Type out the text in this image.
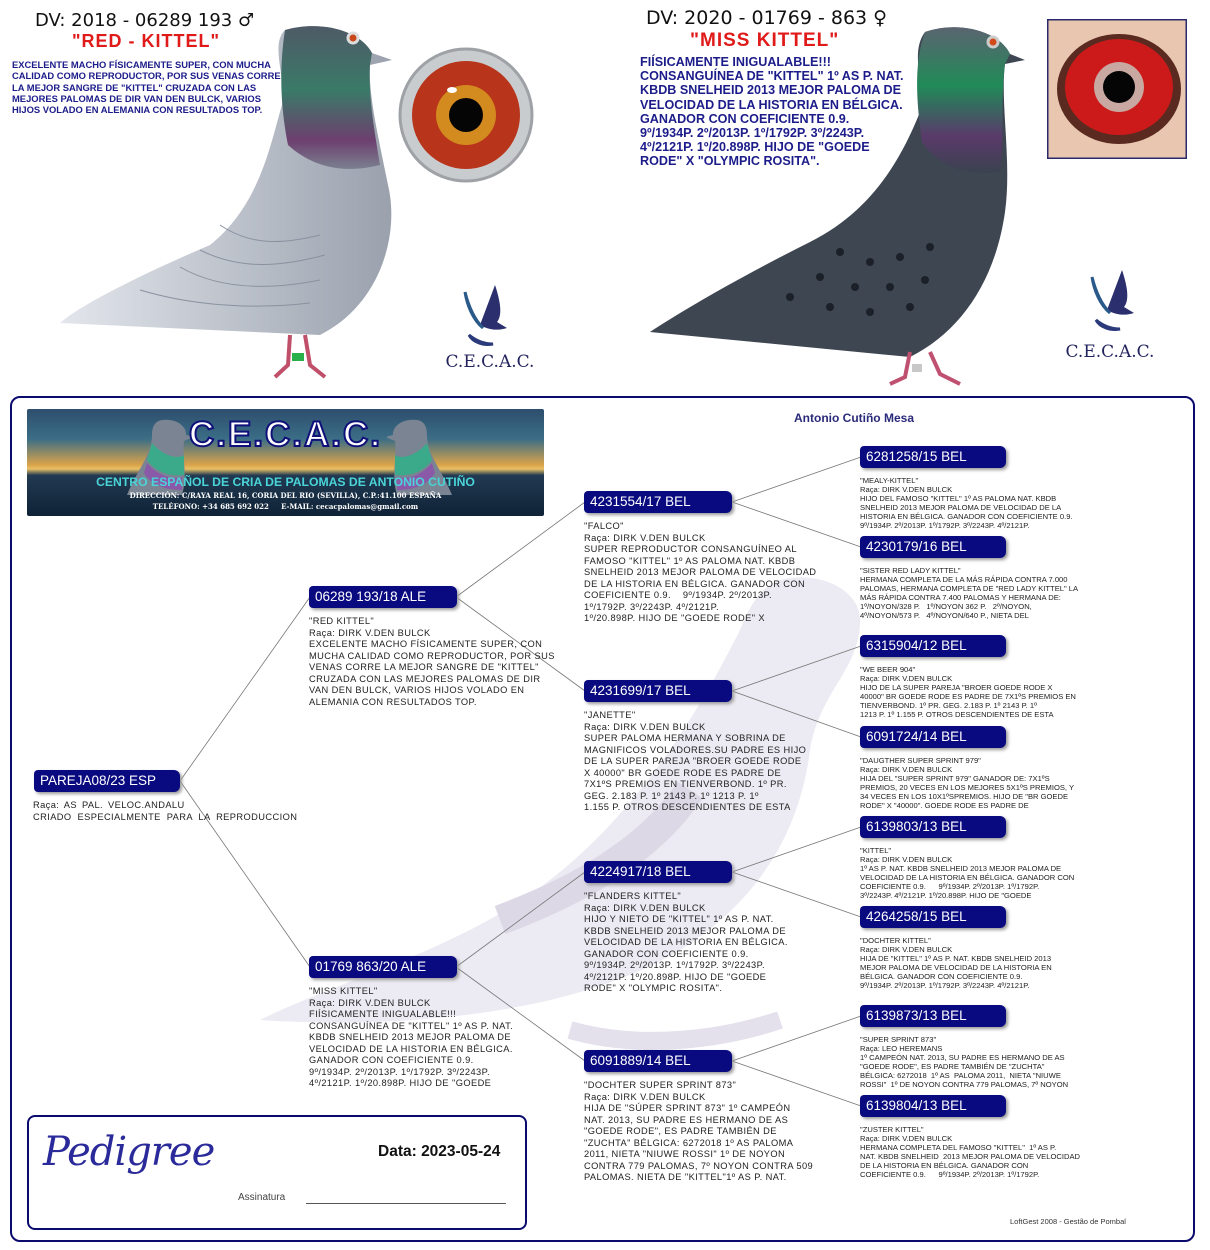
DV: 2018 - 06289 193 ♂
"RED - KITTEL"
EXCELENTE MACHO FÍSICAMENTE SUPER, CON MUCHA CALIDAD COMO REPRODUCTOR, POR SUS VENAS CORRE LA MEJOR SANGRE DE "KITTEL" CRUZADA CON LAS MEJORES PALOMAS DE DIR VAN DEN BULCK, VARIOS HIJOS VOLADO EN ALEMANIA CON RESULTADOS TOP.
C.E.C.A.C.
DV: 2020 - 01769 - 863 ♀
"MISS KITTEL"
FIÍSICAMENTE INIGUALABLE!!! CONSANGUÍNEA DE "KITTEL" 1º AS P. NAT. KBDB SNELHEID 2013 MEJOR PALOMA DE VELOCIDAD DE LA HISTORIA EN BÉLGICA. GANADOR CON COEFICIENTE 0.9. 9º/1934P. 2º/2013P. 1º/1792P. 3º/2243P. 4º/2121P. 1º/20.898P. HIJO DE "GOEDE RODE" X "OLYMPIC ROSITA".
C.E.C.A.C.
C.E.C.A.C.
CENTRO ESPAÑOL DE CRIA DE PALOMAS DE ANTONIO CUTIÑO
DIRECCIÓN: C/RAYA REAL 16, CORIA DEL RIO (SEVILLA), C.P.:41.100 ESPAÑA
TELÉFONO: +34 685 692 022     E-MAIL: cecacpalomas@gmail.com
Antonio Cutiño Mesa
PAREJA08/23 ESP
Raça: AS PAL. VELOC.ANDALU
CRIADO ESPECIALMENTE PARA LA REPRODUCCION
06289 193/18 ALE
"RED KITTEL"
Raça: DIRK V.DEN BULCK
EXCELENTE MACHO FÍSICAMENTE SUPER, CON
MUCHA CALIDAD COMO REPRODUCTOR, POR SUS
VENAS CORRE LA MEJOR SANGRE DE "KITTEL"
CRUZADA CON LAS MEJORES PALOMAS DE DIR
VAN DEN BULCK, VARIOS HIJOS VOLADO EN
ALEMANIA CON RESULTADOS TOP.
01769 863/20 ALE
"MISS KITTEL"
Raça: DIRK V.DEN BULCK
FIÍSICAMENTE INIGUALABLE!!!
CONSANGUÍNEA DE "KITTEL" 1º AS P. NAT.
KBDB SNELHEID 2013 MEJOR PALOMA DE
VELOCIDAD DE LA HISTORIA EN BÉLGICA.
GANADOR CON COEFICIENTE 0.9.
9º/1934P. 2º/2013P. 1º/1792P. 3º/2243P.
4º/2121P. 1º/20.898P. HIJO DE "GOEDE
4231554/17 BEL
"FALCO"
Raça: DIRK V.DEN BULCK
SUPER REPRODUCTOR CONSANGUÍNEO AL
FAMOSO "KITTEL" 1º AS PALOMA NAT. KBDB
SNELHEID 2013 MEJOR PALOMA DE VELOCIDAD
DE LA HISTORIA EN BÉLGICA. GANADOR CON
COEFICIENTE 0.9.    9º/1934P. 2º/2013P.
1º/1792P. 3º/2243P. 4º/2121P.
1º/20.898P. HIJO DE "GOEDE RODE" X
4231699/17 BEL
"JANETTE"
Raça: DIRK V.DEN BULCK
SUPER PALOMA HERMANA Y SOBRINA DE
MAGNIFICOS VOLADORES.SU PADRE ES HIJO
DE LA SUPER PAREJA "BROER GOEDE RODE
X 40000" BR GOEDE RODE ES PADRE DE
7X1ºS PREMIOS EN TIENVERBOND. 1º PR.
GEG. 2.183 P. 1º 2143 P. 1º 1213 P. 1º
1.155 P. OTROS DESCENDIENTES DE ESTA
4224917/18 BEL
"FLANDERS KITTEL"
Raça: DIRK V.DEN BULCK
HIJO Y NIETO DE "KITTEL" 1º AS P. NAT.
KBDB SNELHEID 2013 MEJOR PALOMA DE
VELOCIDAD DE LA HISTORIA EN BÉLGICA.
GANADOR CON COEFICIENTE 0.9.
9º/1934P. 2º/2013P. 1º/1792P. 3º/2243P.
4º/2121P. 1º/20.898P. HIJO DE "GOEDE
RODE" X "OLYMPIC ROSITA".
6091889/14 BEL
"DOCHTER SUPER SPRINT 873"
Raça: DIRK V.DEN BULCK
HIJA DE "SÚPER SPRINT 873" 1º CAMPEÓN
NAT. 2013, SU PADRE ES HERMANO DE AS
"GOEDE RODE", ES PADRE TAMBIÉN DE
"ZUCHTA" BÉLGICA: 6272018 1º AS PALOMA
2011, NIETA "NIUWE ROSSI" 1º DE NOYON
CONTRA 779 PALOMAS, 7º NOYON CONTRA 509
PALOMAS. NIETA DE "KITTEL"1º AS P. NAT.
6281258/15 BEL
"MEALY-KITTEL"
Raça: DIRK V.DEN BULCK
HIJO DEL FAMOSO "KITTEL" 1º AS PALOMA NAT. KBDB
SNELHEID 2013 MEJOR PALOMA DE VELOCIDAD DE LA
HISTORIA EN BÉLGICA. GANADOR CON COEFICIENTE 0.9.
9º/1934P. 2º/2013P. 1º/1792P. 3º/2243P. 4º/2121P.
4230179/16 BEL
"SISTER RED LADY KITTEL"
HERMANA COMPLETA DE LA MÁS RÁPIDA CONTRA 7.000
PALOMAS, HERMANA COMPLETA DE "RED LADY KITTEL" LA
MÁS RÁPIDA CONTRA 7.400 PALOMAS Y HERMANA DE:
1º/NOYON/328 P.   1º/NOYON 362 P.   2º/NOYON,
4º/NOYON/573 P.   4º/NOYON/640 P., NIETA DEL
6315904/12 BEL
"WE BEER 904"
Raça: DIRK V.DEN BULCK
HIJO DE LA SUPER PAREJA "BROER GOEDE RODE X
40000" BR GOEDE RODE ES PADRE DE 7X1ºS PREMIOS EN
TIENVERBOND. 1º PR. GEG. 2.183 P. 1º 2143 P. 1º
1213 P. 1º 1.155 P. OTROS DESCENDIENTES DE ESTA
6091724/14 BEL
"DAUGTHER SUPER SPRINT 979"
Raça: DIRK V.DEN BULCK
HIJA DEL "SUPER SPRINT 979" GANADOR DE: 7X1ºS
PREMIOS, 20 VECES EN LOS MEJORES 5X1ºS PREMIOS, Y
34 VECES EN LOS 10X1ºSPREMIOS. HIJO DE "BR GOEDE
RODE" X "40000". GOEDE RODE ES PADRE DE
6139803/13 BEL
"KITTEL"
Raça: DIRK V.DEN BULCK
1º AS P. NAT. KBDB SNELHEID 2013 MEJOR PALOMA DE
VELOCIDAD DE LA HISTORIA EN BÉLGICA. GANADOR CON
COEFICIENTE 0.9.      9º/1934P. 2º/2013P. 1º/1792P.
3º/2243P. 4º/2121P. 1º/20.898P. HIJO DE "GOEDE
4264258/15 BEL
"DOCHTER KITTEL"
Raça: DIRK V.DEN BULCK
HIJA DE "KITTEL" 1º AS P. NAT. KBDB SNELHEID 2013
MEJOR PALOMA DE VELOCIDAD DE LA HISTORIA EN
BÉLGICA. GANADOR CON COEFICIENTE 0.9.
9º/1934P. 2º/2013P. 1º/1792P. 3º/2243P. 4º/2121P.
6139873/13 BEL
"SUPER SPRINT 873"
Raça: LEO HEREMANS
1º CAMPEÓN NAT. 2013, SU PADRE ES HERMANO DE AS
"GOEDE RODE", ES PADRE TAMBIÉN DE "ZUCHTA"
BÉLGICA: 6272018  1º AS  PALOMA 2011,  NIETA "NIUWE
ROSSI"  1º DE NOYON CONTRA 779 PALOMAS, 7º NOYON
6139804/13 BEL
"ZUSTER KITTEL"
Raça: DIRK V.DEN BULCK
HERMANA COMPLETA DEL FAMOSO "KITTEL"  1º AS P.
NAT. KBDB SNELHEID  2013 MEJOR PALOMA DE VELOCIDAD
DE LA HISTORIA EN BÉLGICA. GANADOR CON
COEFICIENTE 0.9.      9º/1934P. 2º/2013P. 1º/1792P.
Pedigree	Data: 2023-05-24
Assinatura
LoftGest 2008 - Gestão de Pombal
